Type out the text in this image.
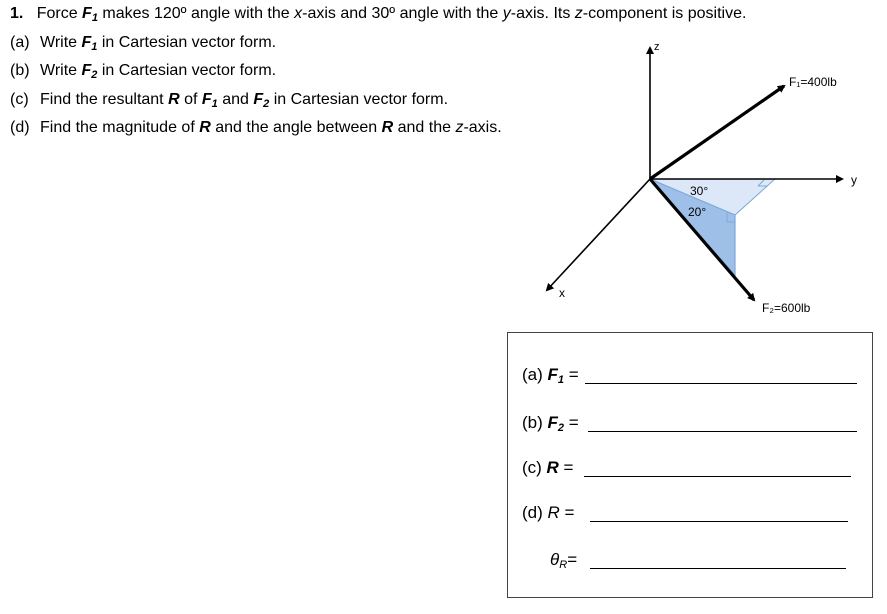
1.   Force $F_1$ makes 120º angle with the x-axis and 30º angle with the y-axis. Its z-component is positive.
(a) Write $F_1$ in Cartesian vector form.
(b) Write $F_2$ in Cartesian vector form.
(c) Find the resultant R of $F_1$ and $F_2$ in Cartesian vector form.
(d) Find the magnitude of R and the angle between R and the z-axis.
z
y
x
F₁=400lb
F₂=600lb
30°
20°
(a) $F_1$ =
(b) $F_2$ =
(c) R =
(d) R =
$\theta_R=$
